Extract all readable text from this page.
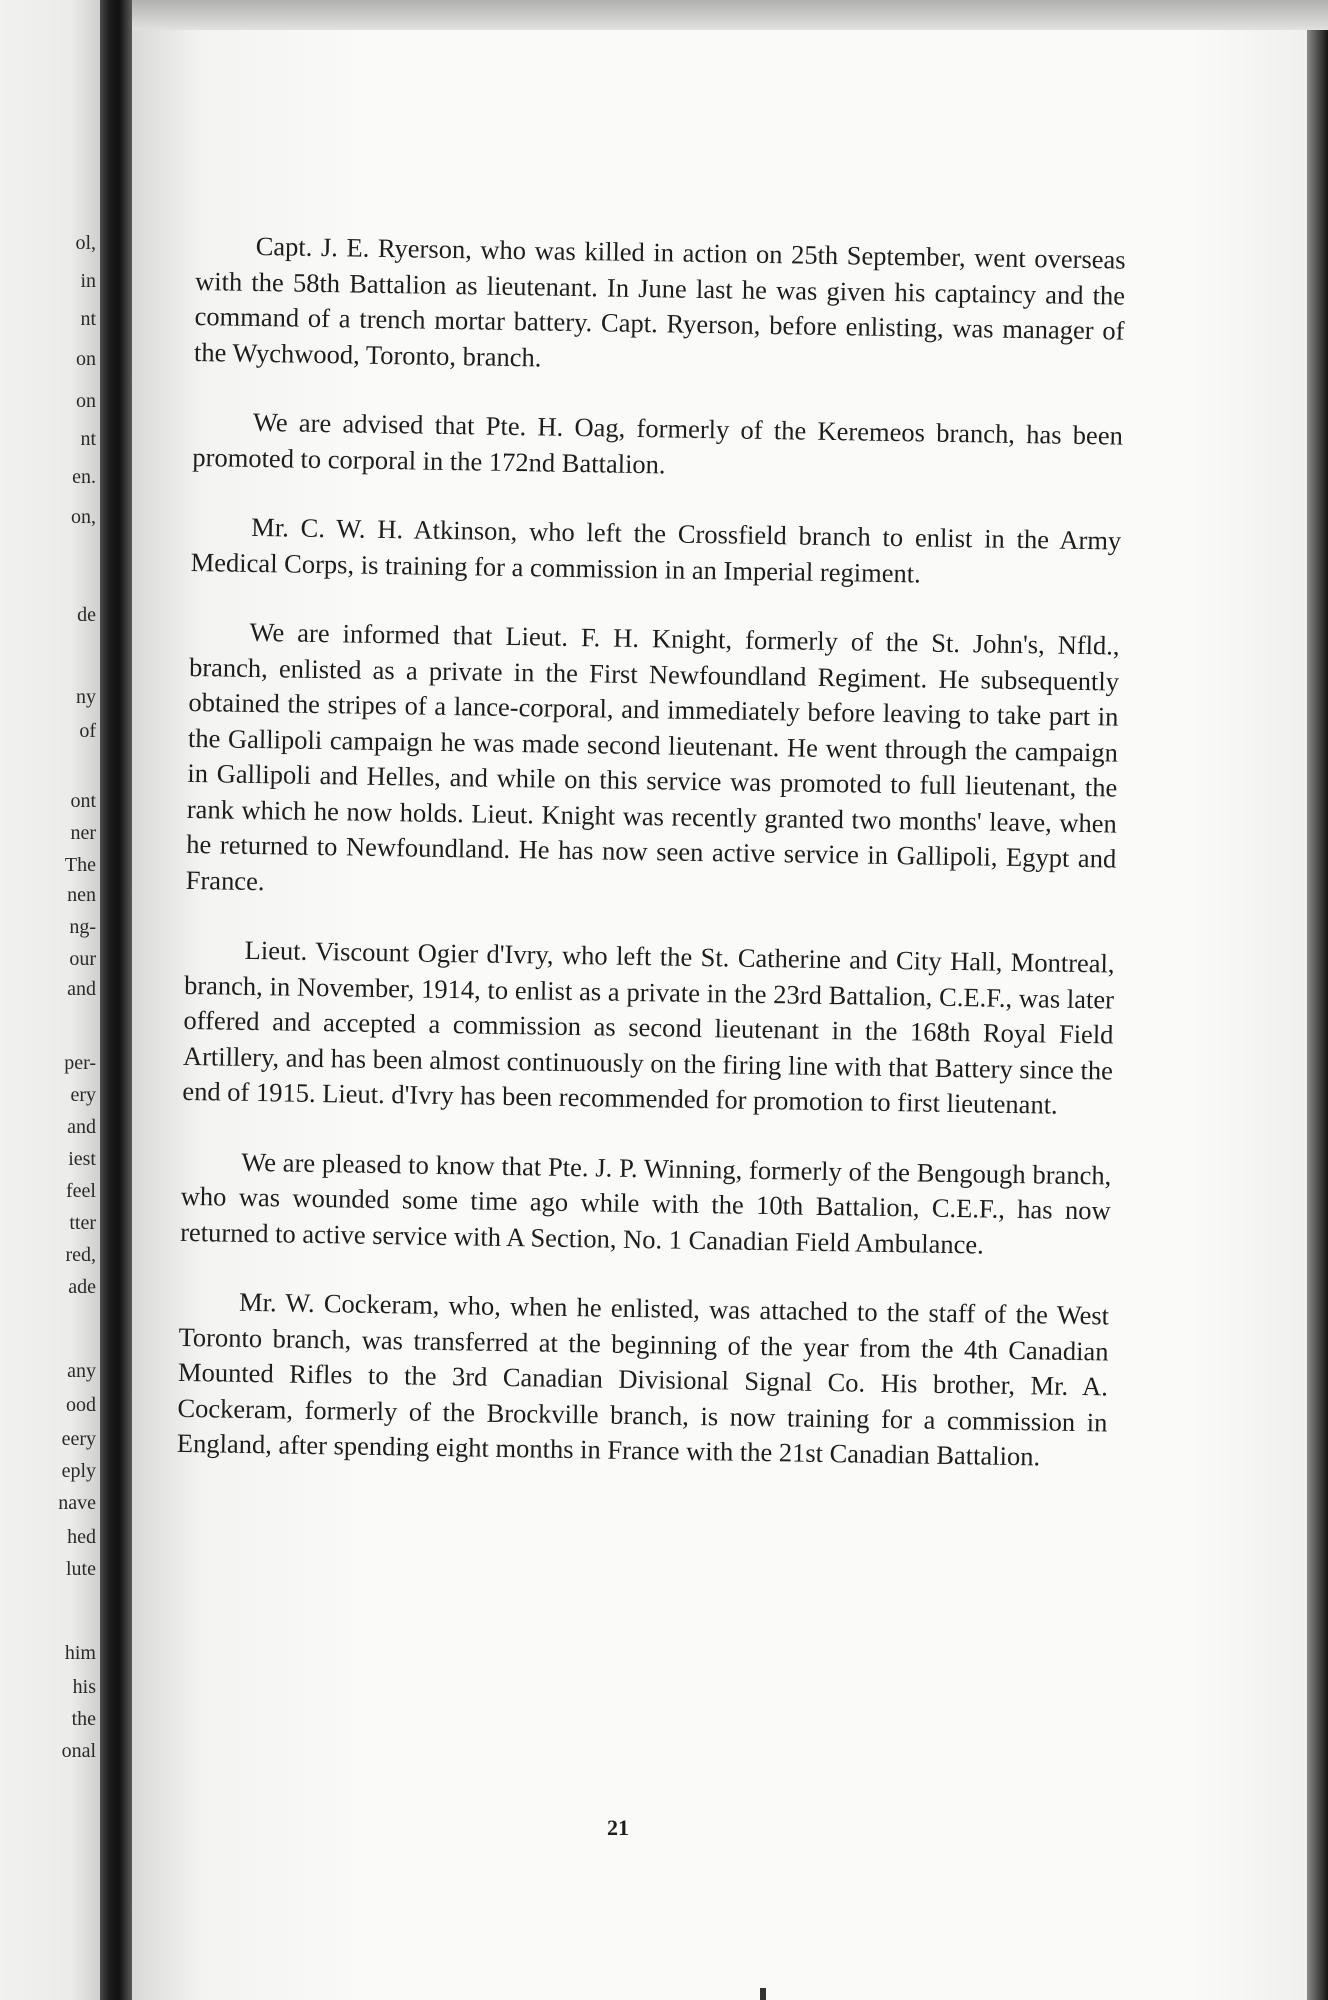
ol,
in
nt
on
on
nt
en.
on,
de
ny
of
ont
ner
The
nen
ng-
our
and
per-
ery
and
iest
feel
tter
red,
ade
any
ood
eery
eply
nave
hed
lute
him
his
the
onal

Capt. J. E. Ryerson, who was killed in action on 25th September, went overseas with the 58th Battalion as lieutenant. In June last he was given his captaincy and the command of a trench mortar battery. Capt. Ryerson, before enlisting, was manager of the Wychwood, Toronto, branch.

We are advised that Pte. H. Oag, formerly of the Keremeos branch, has been promoted to corporal in the 172nd Battalion.

Mr. C. W. H. Atkinson, who left the Crossfield branch to enlist in the Army Medical Corps, is training for a commission in an Imperial regiment.

We are informed that Lieut. F. H. Knight, formerly of the St. John's, Nfld., branch, enlisted as a private in the First Newfoundland Regiment. He subsequently obtained the stripes of a lance-corporal, and immediately before leaving to take part in the Gallipoli campaign he was made second lieutenant. He went through the campaign in Gallipoli and Helles, and while on this service was promoted to full lieutenant, the rank which he now holds. Lieut. Knight was recently granted two months' leave, when he returned to Newfoundland. He has now seen active service in Gallipoli, Egypt and France.

Lieut. Viscount Ogier d'Ivry, who left the St. Catherine and City Hall, Montreal, branch, in November, 1914, to enlist as a private in the 23rd Battalion, C.E.F., was later offered and accepted a commission as second lieutenant in the 168th Royal Field Artillery, and has been almost continuously on the firing line with that Battery since the end of 1915. Lieut. d'Ivry has been recommended for promotion to first lieutenant.

We are pleased to know that Pte. J. P. Winning, formerly of the Bengough branch, who was wounded some time ago while with the 10th Battalion, C.E.F., has now returned to active service with A Section, No. 1 Canadian Field Ambulance.

Mr. W. Cockeram, who, when he enlisted, was attached to the staff of the West Toronto branch, was transferred at the beginning of the year from the 4th Canadian Mounted Rifles to the 3rd Canadian Divisional Signal Co. His brother, Mr. A. Cockeram, formerly of the Brockville branch, is now training for a commission in England, after spending eight months in France with the 21st Canadian Battalion.

21
